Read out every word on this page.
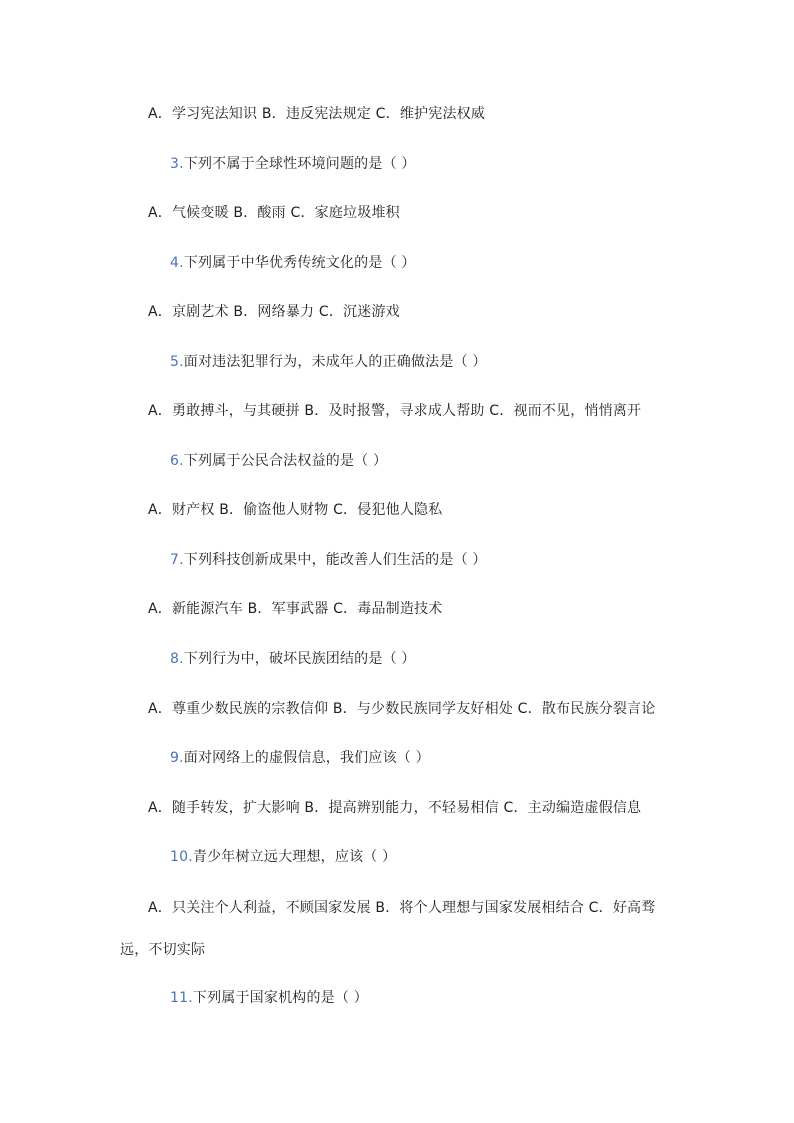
A．学习宪法知识 B．违反宪法规定 C．维护宪法权威
3.下列不属于全球性环境问题的是（ ）
A．气候变暖 B．酸雨 C．家庭垃圾堆积
4.下列属于中华优秀传统文化的是（ ）
A．京剧艺术 B．网络暴力 C．沉迷游戏
5.面对违法犯罪行为，未成年人的正确做法是（ ）
A．勇敢搏斗，与其硬拼 B．及时报警，寻求成人帮助 C．视而不见，悄悄离开
6.下列属于公民合法权益的是（ ）
A．财产权 B．偷盗他人财物 C．侵犯他人隐私
7.下列科技创新成果中，能改善人们生活的是（ ）
A．新能源汽车 B．军事武器 C．毒品制造技术
8.下列行为中，破坏民族团结的是（ ）
A．尊重少数民族的宗教信仰 B．与少数民族同学友好相处 C．散布民族分裂言论
9.面对网络上的虚假信息，我们应该（ ）
A．随手转发，扩大影响 B．提高辨别能力，不轻易相信 C．主动编造虚假信息
10.青少年树立远大理想，应该（ ）
A．只关注个人利益，不顾国家发展 B．将个人理想与国家发展相结合 C．好高骛远，不切实际
11.下列属于国家机构的是（ ）
